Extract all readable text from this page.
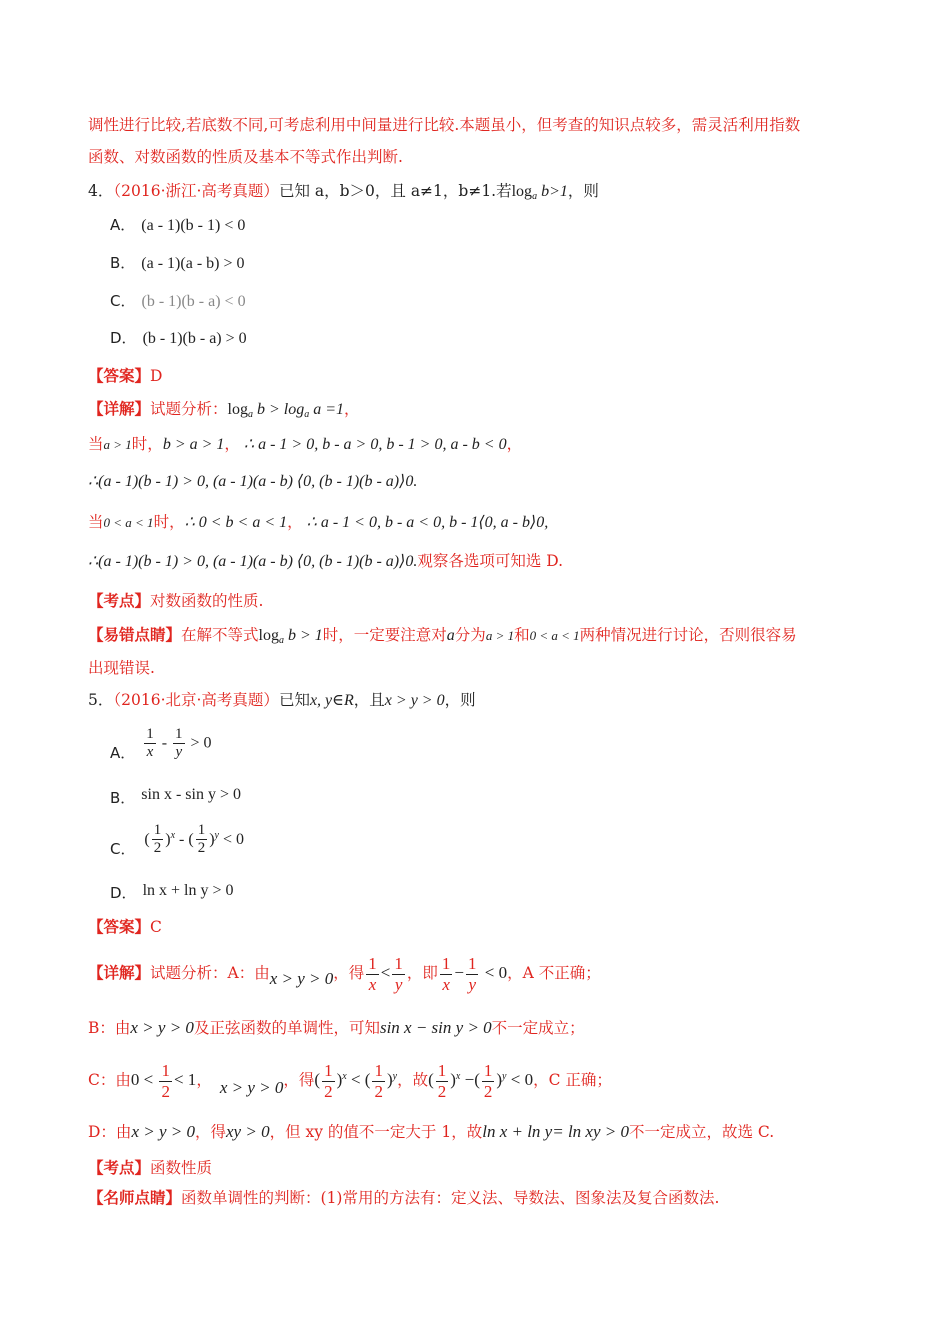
调性进行比较,若底数不同,可考虑利用中间量进行比较.本题虽小，但考查的知识点较多，需灵活利用指数
函数、对数函数的性质及基本不等式作出判断.
4．（2016·浙江·高考真题）已知 a，b＞0，且 a≠1，b≠1.若$\log_a b>1$，则
A． (a - 1)(b - 1) < 0
B． (a - 1)(a - b) > 0
C． (b - 1)(b - a) < 0
D． (b - 1)(b - a) > 0
【答案】D
【详解】试题分析：$\log_a b > \log_a a =1$，
当a > 1时，b > a > 1， ∴ a - 1 > 0, b - a > 0, b - 1 > 0, a - b < 0，
∴(a - 1)(b - 1) > 0, (a - 1)(a - b) ⟨0, (b - 1)(b - a)⟩0.
当0 < a < 1时，∴ 0 < b < a < 1， ∴ a - 1 < 0, b - a < 0, b - 1⟨0, a - b⟩0,
∴(a - 1)(b - 1) > 0, (a - 1)(a - b) ⟨0, (b - 1)(b - a)⟩0.观察各选项可知选 D.
【考点】对数函数的性质.
【易错点睛】在解不等式$\log_a b > 1$时，一定要注意对a分为a > 1和0 < a < 1两种情况进行讨论，否则很容易
出现错误.
5．（2016·北京·高考真题）已知x, y∈R，且x > y > 0，则
A． $\frac{1}{x} - \frac{1}{y} > 0$
B． sin x - sin y > 0
C． ( $\frac{1}{2} )^x$ - ( $\frac{1}{2} )^y < 0$
D． ln x + ln y > 0
【答案】C
【详解】试题分析：A：由x > y > 0，得 $\frac{1}{x} < \frac{1}{y}$ ，即 $\frac{1}{x} - \frac{1}{y} < 0$，A 不正确；
B：由x > y > 0及正弦函数的单调性，可知sin x − sin y > 0不一定成立；
C：由$0 < \frac{1}{2} < 1$， x > y > 0，得( $\frac{1}{2} )^x$ < ( $\frac{1}{2} )^y$，故( $\frac{1}{2} )^x$ −( $\frac{1}{2} )^y < 0$，C 正确；
D：由x > y > 0，得xy > 0，但 xy 的值不一定大于 1，故ln x + ln y= ln xy > 0不一定成立，故选 C.
【考点】函数性质
【名师点睛】函数单调性的判断：(1)常用的方法有：定义法、导数法、图象法及复合函数法.
